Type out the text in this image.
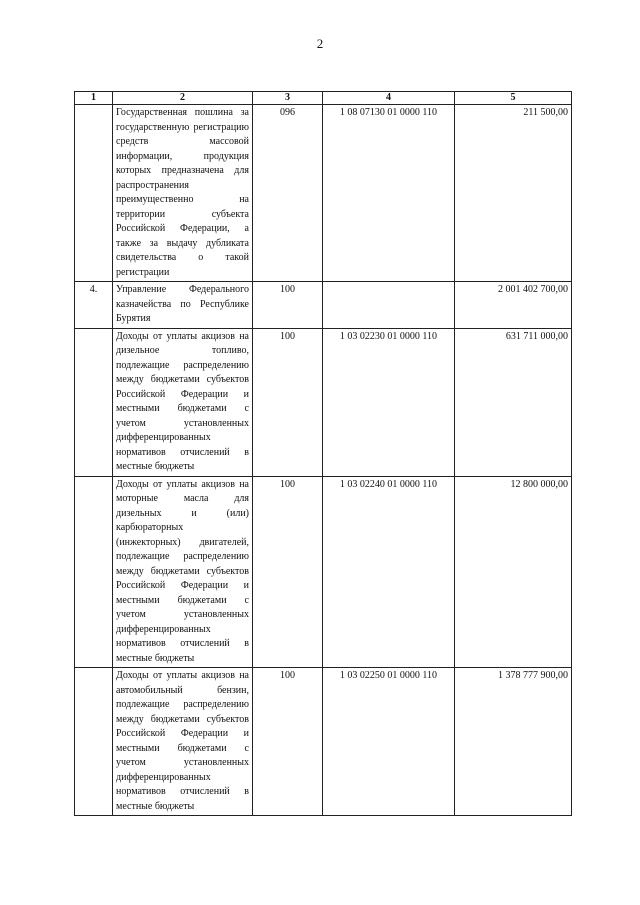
2
1	2	3	4	5
	Государственная пошлина за государственную регистрацию средств массовой информации, продукция которых предназначена для распространения преимущественно на территории субъекта Российской Федерации, а также за выдачу дубликата свидетельства о такой регистрации	096	1 08 07130 01 0000 110	211 500,00
4.	Управление Федерального казначейства по Республике Бурятия	100		2 001 402 700,00
	Доходы от уплаты акцизов на дизельное топливо, подлежащие распределению между бюджетами субъектов Российской Федерации и местными бюджетами с учетом установленных дифференцированных нормативов отчислений в местные бюджеты	100	1 03 02230 01 0000 110	631 711 000,00
	Доходы от уплаты акцизов на моторные масла для дизельных и (или) карбюраторных (инжекторных) двигателей, подлежащие распределению между бюджетами субъектов Российской Федерации и местными бюджетами с учетом установленных дифференцированных нормативов отчислений в местные бюджеты	100	1 03 02240 01 0000 110	12 800 000,00
	Доходы от уплаты акцизов на автомобильный бензин, подлежащие распределению между бюджетами субъектов Российской Федерации и местными бюджетами с учетом установленных дифференцированных нормативов отчислений в местные бюджеты	100	1 03 02250 01 0000 110	1 378 777 900,00
